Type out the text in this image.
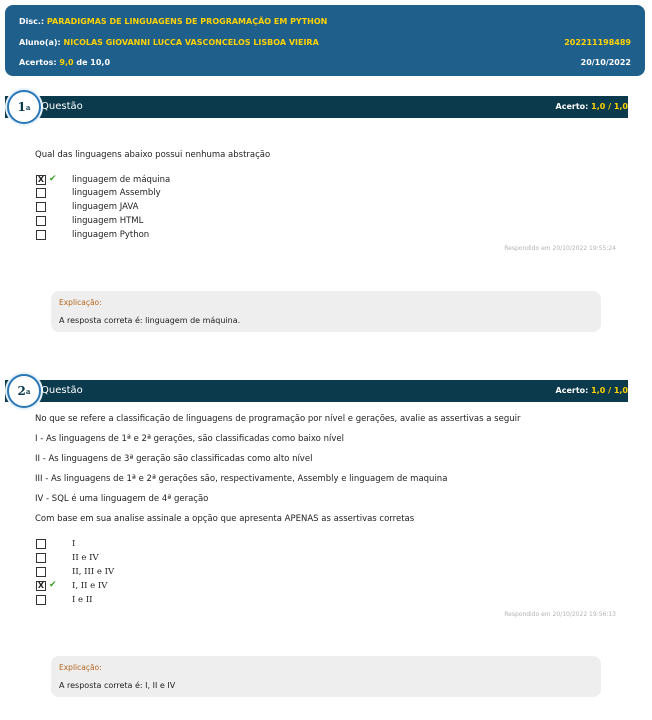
Disc.: PARADIGMAS DE LINGUAGENS DE PROGRAMAÇÃO EM PYTHON
Aluno(a): NICOLAS GIOVANNI LUCCA VASCONCELOS LISBOA VIEIRA	202211198489
Acertos: 9,0 de 10,0	20/10/2022
1 a Questão	Acerto: 1,0 / 1,0
Qual das linguagens abaixo possui nenhuma abstração
X ✔ linguagem de máquina
linguagem Assembly
linguagem JAVA
linguagem HTML
linguagem Python
Respondido em 20/10/2022 19:55:24
Explicação:
A resposta correta é: linguagem de máquina.
2 a Questão	Acerto: 1,0 / 1,0
No que se refere a classificação de linguagens de programação por nível e gerações, avalie as assertivas a seguir
I - As linguagens de 1ª e 2ª gerações, são classificadas como baixo nível
II - As linguagens de 3ª geração são classificadas como alto nível
III - As linguagens de 1ª e 2ª gerações são, respectivamente, Assembly e linguagem de maquina
IV - SQL é uma linguagem de 4ª geração
Com base em sua analise assinale a opção que apresenta APENAS as assertivas corretas
I
II e IV
II, III e IV
X ✔ I, II e IV
I e II
Respondido em 20/10/2022 19:56:13
Explicação:
A resposta correta é: I, II e IV
